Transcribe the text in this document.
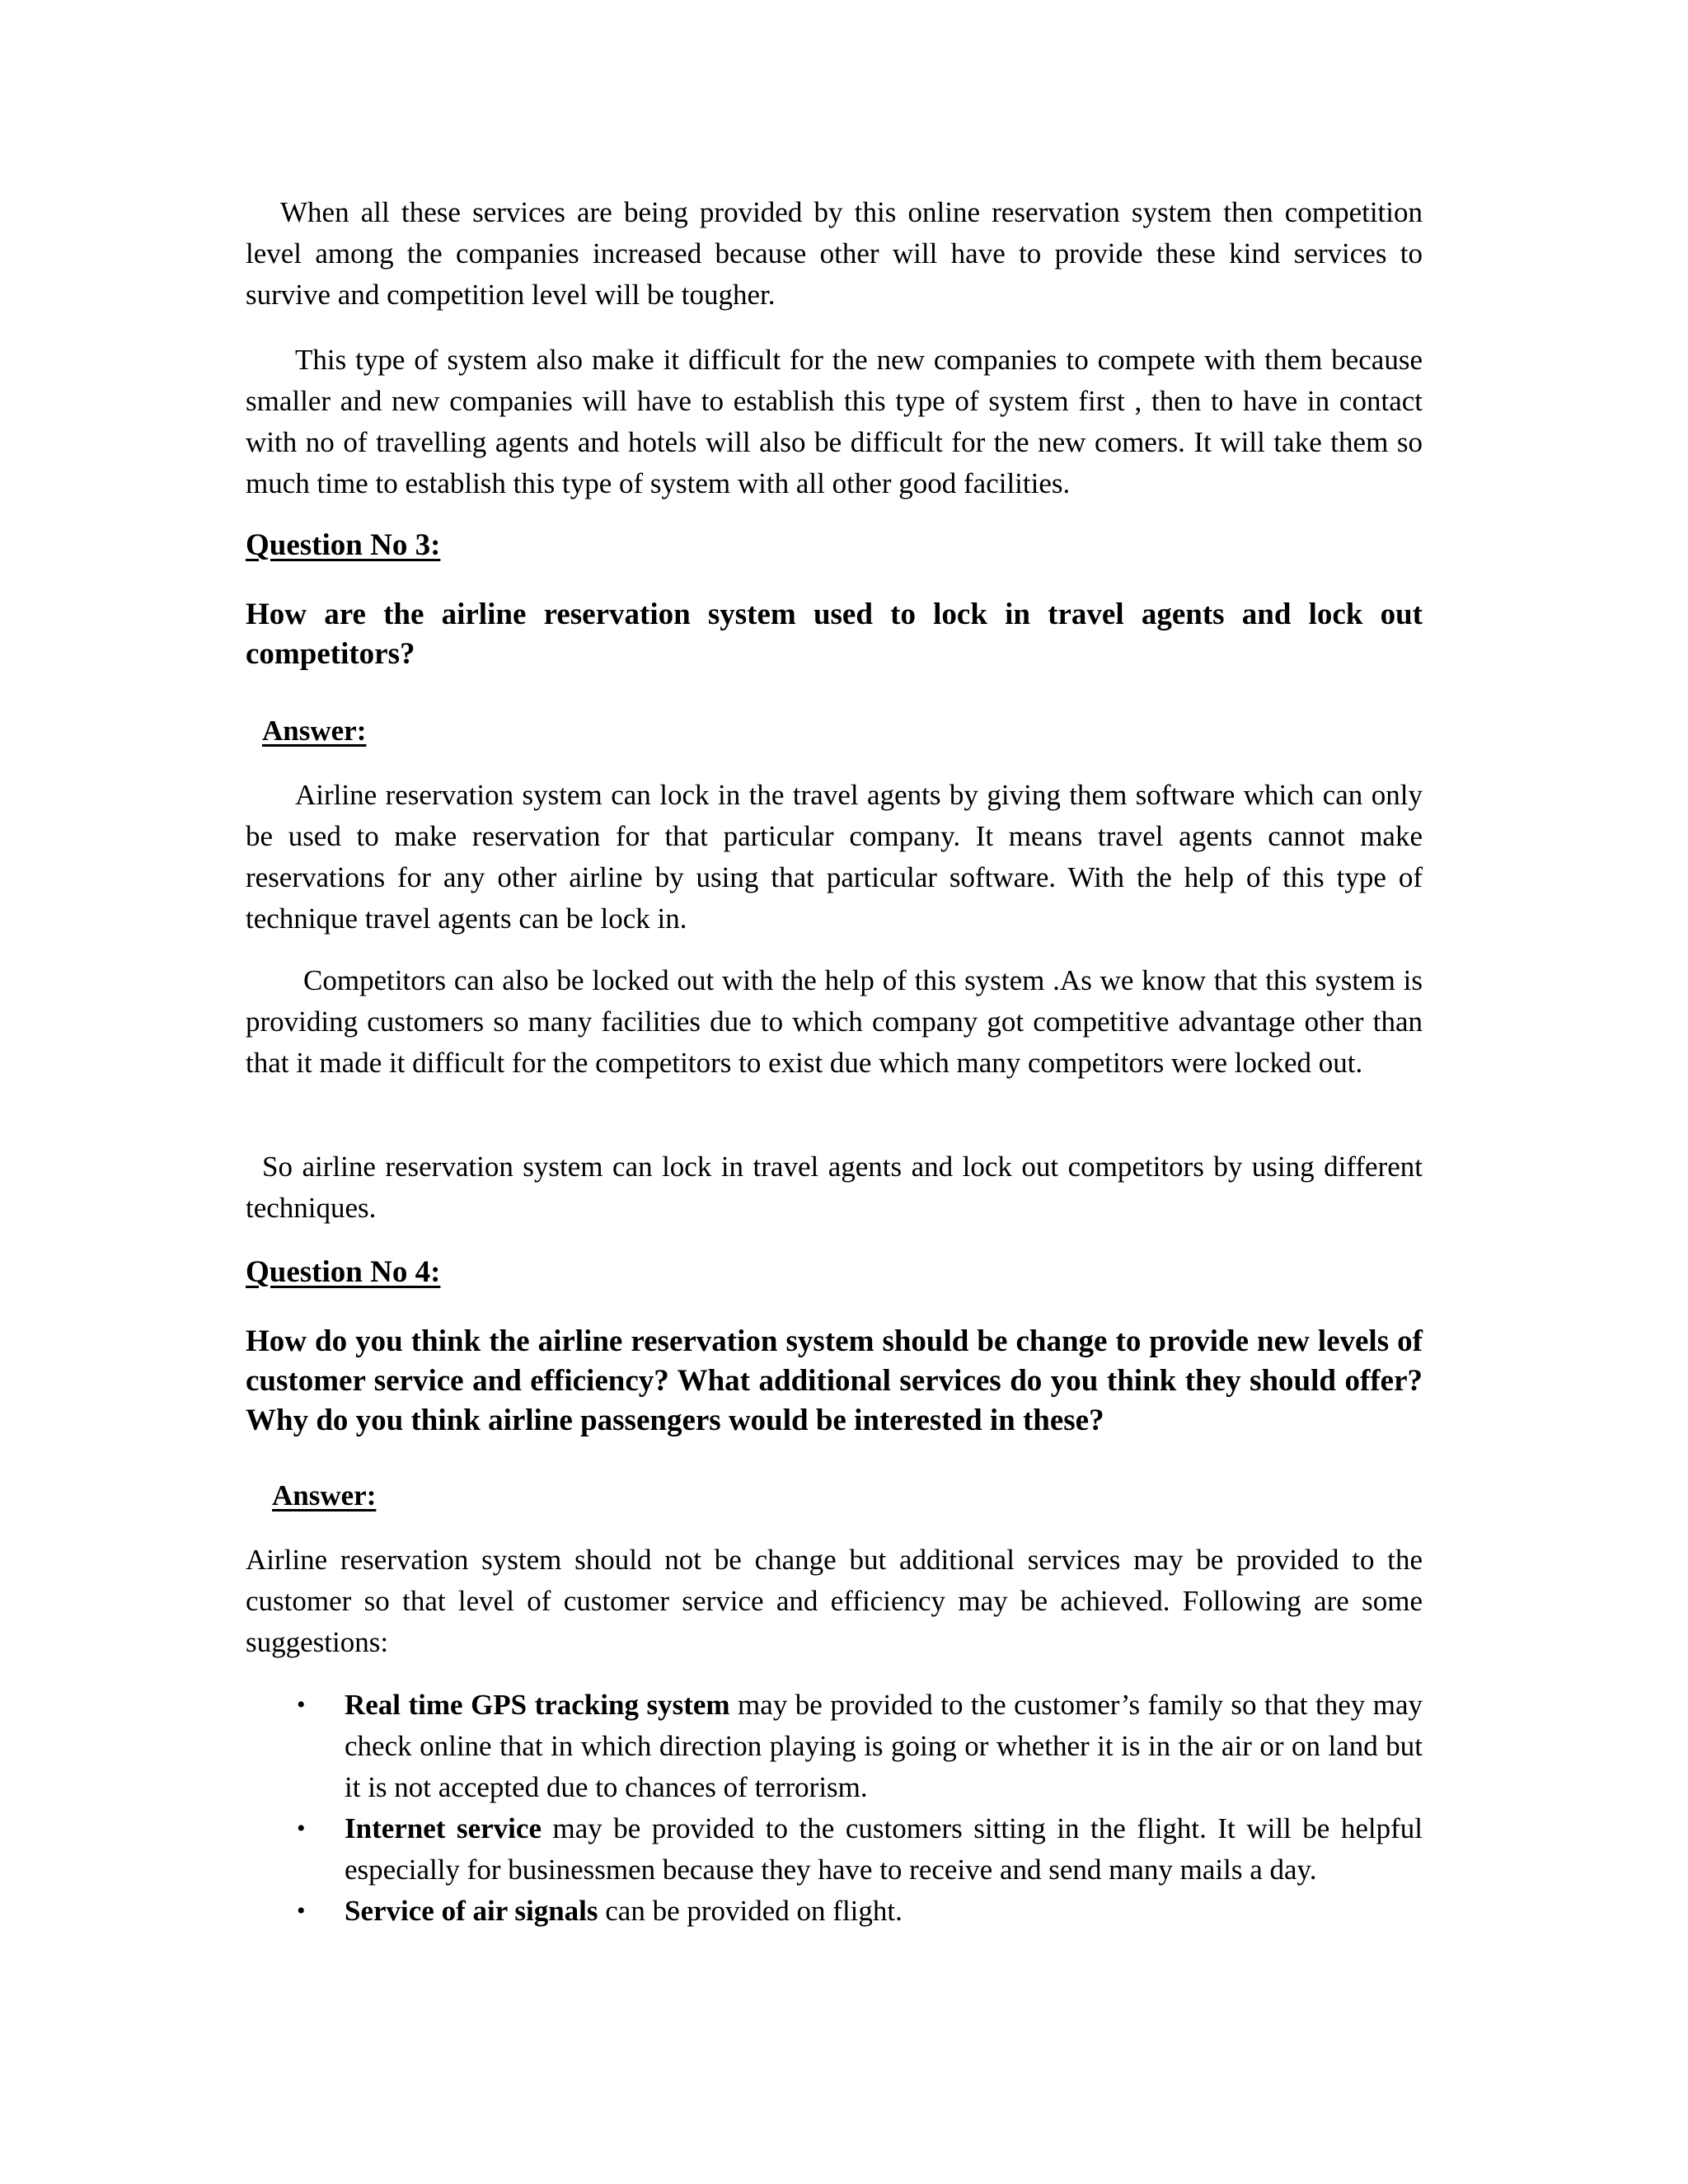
When all these services are being provided by this online reservation system then competition level among the companies increased because other will have to provide these kind services to survive and competition level will be tougher.

This type of system also make it difficult for the new companies to compete with them because smaller and new companies will have to establish this type of system first , then to have in contact with no of travelling agents and hotels will also be difficult for the new comers. It will take them so much time to establish this type of system with all other good facilities.

Question No 3:

How are the airline reservation system used to lock in travel agents and lock out competitors?

Answer:

Airline reservation system can lock in the travel agents by giving them software which can only be used to make reservation for that particular company. It means travel agents cannot make reservations for any other airline by using that particular software. With the help of this type of technique travel agents can be lock in.

Competitors can also be locked out with the help of this system .As we know that this system is providing customers so many facilities due to which company got competitive advantage other than that it made it difficult for the competitors to exist due which many competitors were locked out.

So airline reservation system can lock in travel agents and lock out competitors by using different techniques.

Question No 4:

How do you think the airline reservation system should be change to provide new levels of customer service and efficiency? What additional services do you think they should offer? Why do you think airline passengers would be interested in these?

Answer:

Airline reservation system should not be change but additional services may be provided to the customer so that level of customer service and efficiency may be achieved. Following are some suggestions:

• Real time GPS tracking system may be provided to the customer’s family so that they may check online that in which direction playing is going or whether it is in the air or on land but it is not accepted due to chances of terrorism.
• Internet service may be provided to the customers sitting in the flight. It will be helpful especially for businessmen because they have to receive and send many mails a day.
• Service of air signals can be provided on flight.
